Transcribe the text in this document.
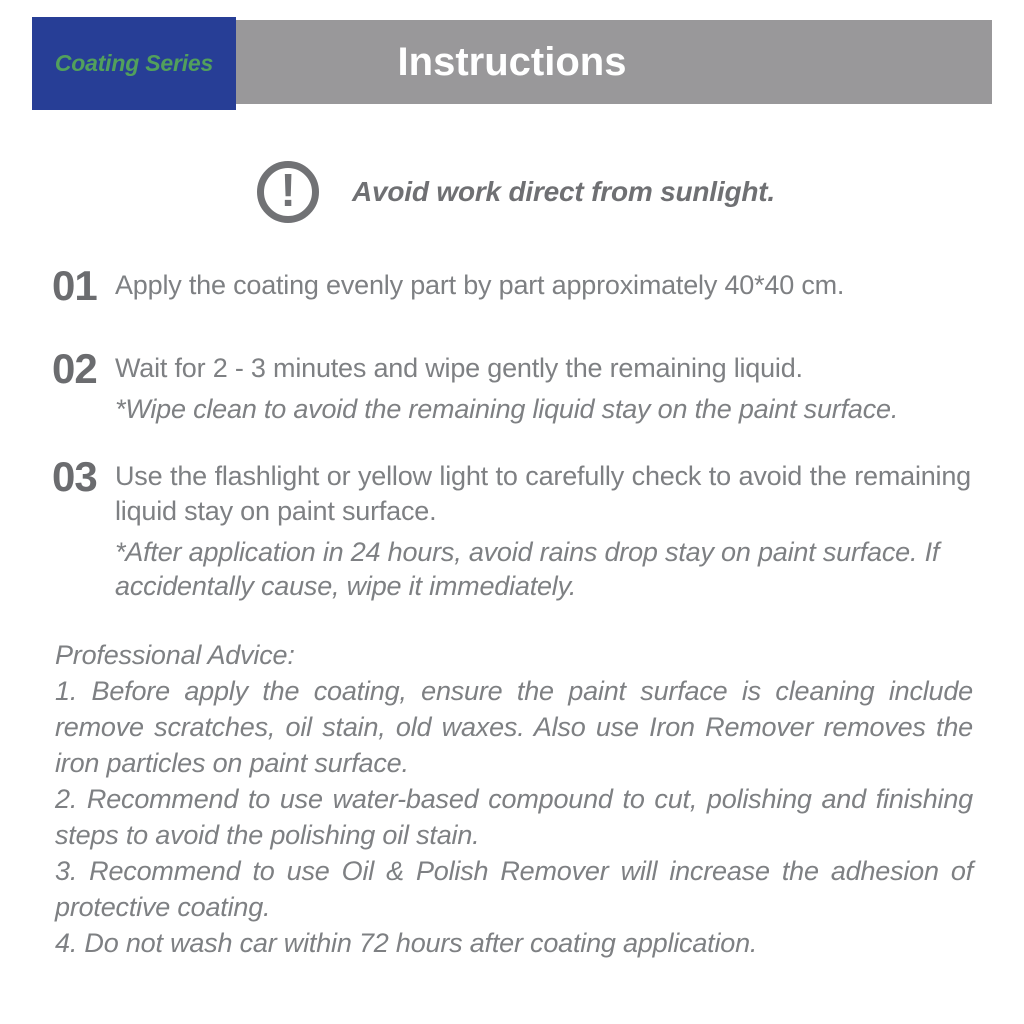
Coating Series	Instructions
!	Avoid work direct from sunlight.
01 Apply the coating evenly part by part approximately 40*40 cm.

02 Wait for 2 - 3 minutes and wipe gently the remaining liquid.

*Wipe clean to avoid the remaining liquid stay on the paint surface.

03 Use the flashlight or yellow light to carefully check to avoid the remaining liquid stay on paint surface.

*After application in 24 hours, avoid rains drop stay on paint surface. If accidentally cause, wipe it immediately.

Professional Advice:

1. Before apply the coating, ensure the paint surface is cleaning include remove scratches, oil stain, old waxes. Also use Iron Remover removes the iron particles on paint surface.

2. Recommend to use water-based compound to cut, polishing and finishing steps to avoid the polishing oil stain.

3. Recommend to use Oil & Polish Remover will increase the adhesion of protective coating.

4. Do not wash car within 72 hours after coating application.
